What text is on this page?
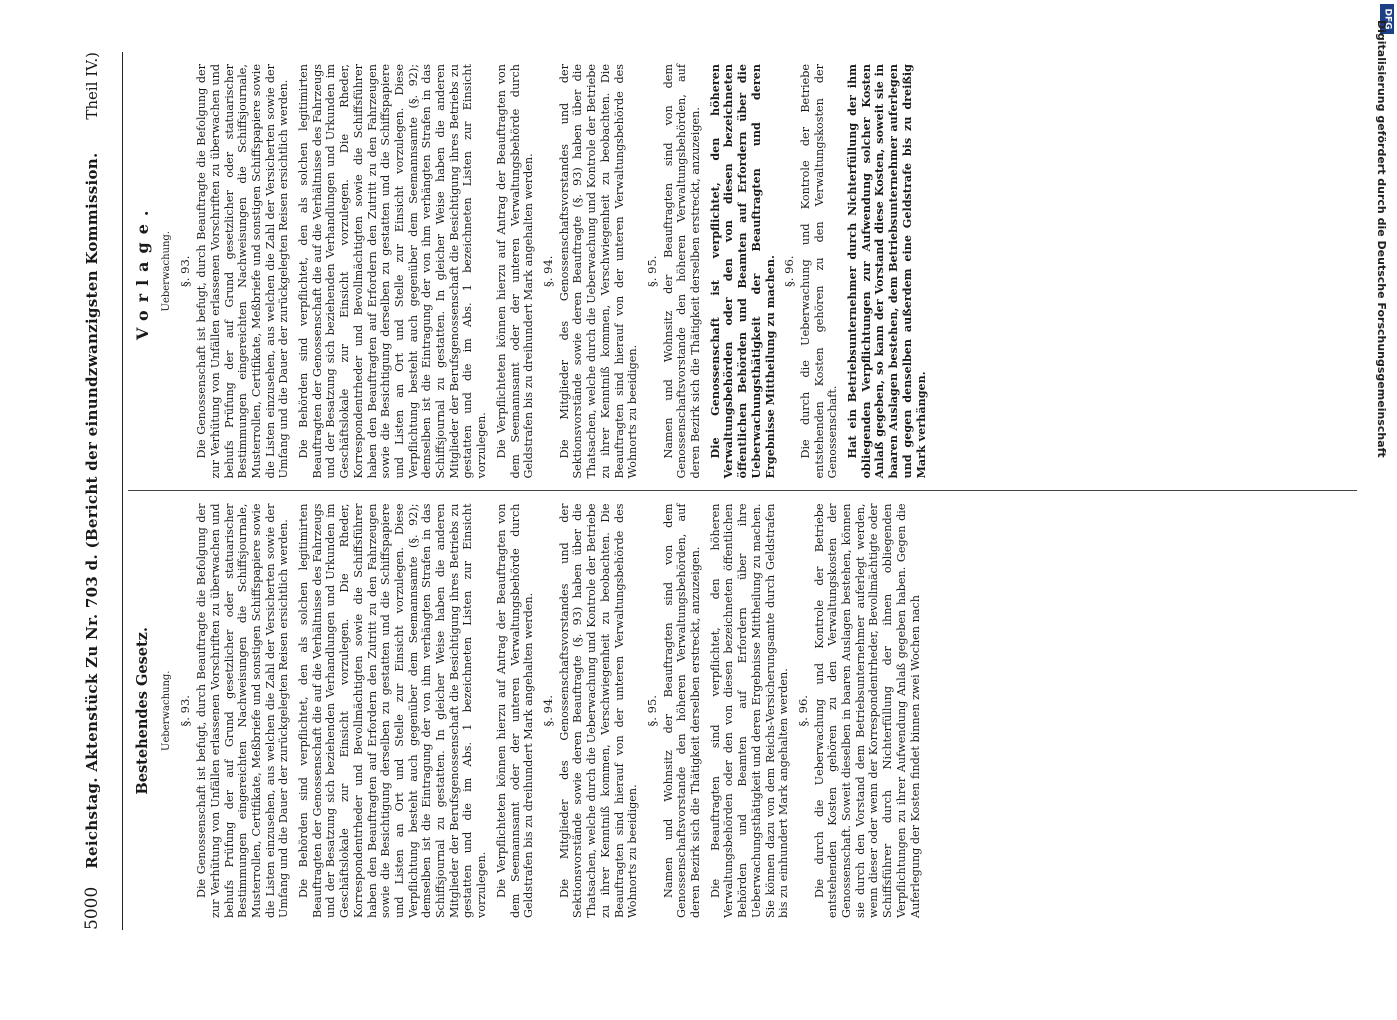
5000
Reichstag. Aktenstück Zu Nr. 703 d. (Bericht der einundzwanzigsten Kommission.
Theil IV.)
Bestehendes Gesetz. Ueberwachung. §. 93. Die Genossenschaft ist befugt, durch Beauftragte die Befolgung der zur Verhütung von Unfällen erlassenen Vorschriften zu überwachen und behufs Prüfung der auf Grund gesetzlicher oder statuarischer Bestimmungen eingereichten Nachweisungen die Schiffsjournale, Musterrollen, Certifikate, Meßbriefe und sonstigen Schiffspapiere sowie die Listen einzusehen, aus welchen die Zahl der Versicherten sowie der Umfang und die Dauer der zurückgelegten Reisen ersichtlich werden. Die Behörden sind verpflichtet, den als solchen legitimirten Beauftragten der Genossenschaft die auf die Verhältnisse des Fahrzeugs und der Besatzung sich beziehenden Verhandlungen und Urkunden im Geschäftslokale zur Einsicht vorzulegen. Die Rheder, Korrespondentrheder und Bevollmächtigten sowie die Schiffsführer haben den Beauftragten auf Erfordern den Zutritt zu den Fahrzeugen sowie die Besichtigung derselben zu gestatten und die Schiffspapiere und Listen an Ort und Stelle zur Einsicht vorzulegen. Diese Verpflichtung besteht auch gegenüber dem Seemannsamte (§. 92); demselben ist die Eintragung der von ihm verhängten Strafen in das Schiffsjournal zu gestatten. In gleicher Weise haben die anderen Mitglieder der Berufsgenossenschaft die Besichtigung ihres Betriebs zu gestatten und die im Abs. 1 bezeichneten Listen zur Einsicht vorzulegen. Die Verpflichteten können hierzu auf Antrag der Beauftragten von dem Seemannsamt oder der unteren Verwaltungsbehörde durch Geldstrafen bis zu dreihundert Mark angehalten werden. §. 94. Die Mitglieder des Genossenschaftsvorstandes und der Sektionsvorstände sowie deren Beauftragte (§. 93) haben über die Thatsachen, welche durch die Ueberwachung und Kontrole der Betriebe zu ihrer Kenntniß kommen, Verschwiegenheit zu beobachten. Die Beauftragten sind hierauf von der unteren Verwaltungsbehörde des Wohnorts zu beeidigen.

§. 95. Namen und Wohnsitz der Beauftragten sind von dem Genossenschaftsvorstande den höheren Verwaltungsbehörden, auf deren Bezirk sich die Thätigkeit derselben erstreckt, anzuzeigen. Die Beauftragten sind verpflichtet, den höheren Verwaltungsbehörden oder den von diesen bezeichneten öffentlichen Behörden und Beamten auf Erfordern über ihre Ueberwachungsthätigkeit und deren Ergebnisse Mittheilung zu machen. Sie können dazu von dem Reichs-Versicherungsamte durch Geldstrafen bis zu einhundert Mark angehalten werden. §. 96. Die durch die Ueberwachung und Kontrole der Betriebe entstehenden Kosten gehören zu den Verwaltungskosten der Genossenschaft. Soweit dieselben in baaren Auslagen bestehen, können sie durch den Vorstand dem Betriebsunternehmer auferlegt werden, wenn dieser oder wenn der Korrespondentrheder, Bevollmächtigte oder Schiffsführer durch Nichterfüllung der ihnen obliegenden Verpflichtungen zu ihrer Aufwendung Anlaß gegeben haben. Gegen die Auferlegung der Kosten findet binnen zwei Wochen nach

Vorlage. Ueberwachung. §. 93. Die Genossenschaft ist befugt, durch Beauftragte die Befolgung der zur Verhütung von Unfällen erlassenen Vorschriften zu überwachen und behufs Prüfung der auf Grund gesetzlicher oder statuarischer Bestimmungen eingereichten Nachweisungen die Schiffsjournale, Musterrollen, Certifikate, Meßbriefe und sonstigen Schiffspapiere sowie die Listen einzusehen, aus welchen die Zahl der Versicherten sowie der Umfang und die Dauer der zurückgelegten Reisen ersichtlich werden. Die Behörden sind verpflichtet, den als solchen legitimirten Beauftragten der Genossenschaft die auf die Verhältnisse des Fahrzeugs und der Besatzung sich beziehenden Verhandlungen und Urkunden im Geschäftslokale zur Einsicht vorzulegen. Die Rheder, Korrespondentrheder und Bevollmächtigten sowie die Schiffsführer haben den Beauftragten auf Erfordern den Zutritt zu den Fahrzeugen sowie die Besichtigung derselben zu gestatten und die Schiffspapiere und Listen an Ort und Stelle zur Einsicht vorzulegen. Diese Verpflichtung besteht auch gegenüber dem Seemannsamte (§. 92); demselben ist die Eintragung der von ihm verhängten Strafen in das Schiffsjournal zu gestatten. In gleicher Weise haben die anderen Mitglieder der Berufsgenossenschaft die Besichtigung ihres Betriebs zu gestatten und die im Abs. 1 bezeichneten Listen zur Einsicht vorzulegen. Die Verpflichteten können hierzu auf Antrag der Beauftragten von dem Seemannsamt oder der unteren Verwaltungsbehörde durch Geldstrafen bis zu dreihundert Mark angehalten werden. §. 94. Die Mitglieder des Genossenschaftsvorstandes und der Sektionsvorstände sowie deren Beauftragte (§. 93) haben über die Thatsachen, welche durch die Ueberwachung und Kontrole der Betriebe zu ihrer Kenntniß kommen, Verschwiegenheit zu beobachten. Die Beauftragten sind hierauf von der unteren Verwaltungsbehörde des Wohnorts zu beeidigen.

§. 95. Namen und Wohnsitz der Beauftragten sind von dem Genossenschaftsvorstande den höheren Verwaltungsbehörden, auf deren Bezirk sich die Thätigkeit derselben erstreckt, anzuzeigen. Die Genossenschaft ist verpflichtet, den höheren Verwaltungsbehörden oder den von diesen bezeichneten öffentlichen Behörden und Beamten auf Erfordern über die Ueberwachungsthätigkeit der Beauftragten und deren Ergebnisse Mittheilung zu machen. §. 96. Die durch die Ueberwachung und Kontrole der Betriebe entstehenden Kosten gehören zu den Verwaltungskosten der Genossenschaft. Hat ein Betriebsunternehmer durch Nichterfüllung der ihm obliegenden Verpflichtungen zur Aufwendung solcher Kosten Anlaß gegeben, so kann der Vorstand diese Kosten, soweit sie in baaren Auslagen bestehen, dem Betriebsunternehmer auferlegen und gegen denselben außerdem eine Geldstrafe bis zu dreißig Mark verhängen.

DFG
Digitalisierung gefördert durch die Deutsche Forschungsgemeinschaft
